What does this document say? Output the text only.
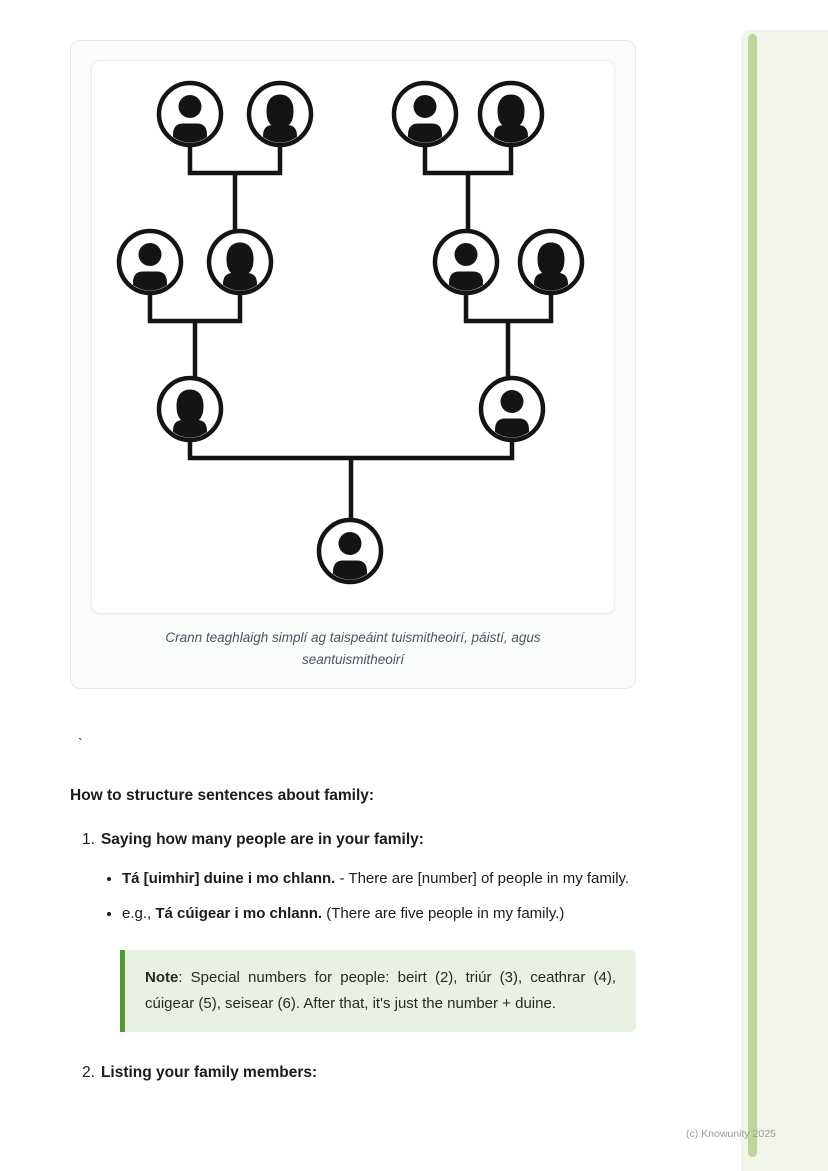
(c) Knowunity 2025
Crann teaghlaigh simplí ag taispeáint tuismitheoirí, páistí, agus seantuismitheoirí
`

How to structure sentences about family:

1. Saying how many people are in your family:
• Tá [uimhir] duine i mo chlann. - There are [number] of people in my family.
• e.g., Tá cúigear i mo chlann. (There are five people in my family.)

Note: Special numbers for people: beirt (2), triúr (3), ceathrar (4), cúigear (5), seisear (6). After that, it's just the number + duine.

2. Listing your family members:
